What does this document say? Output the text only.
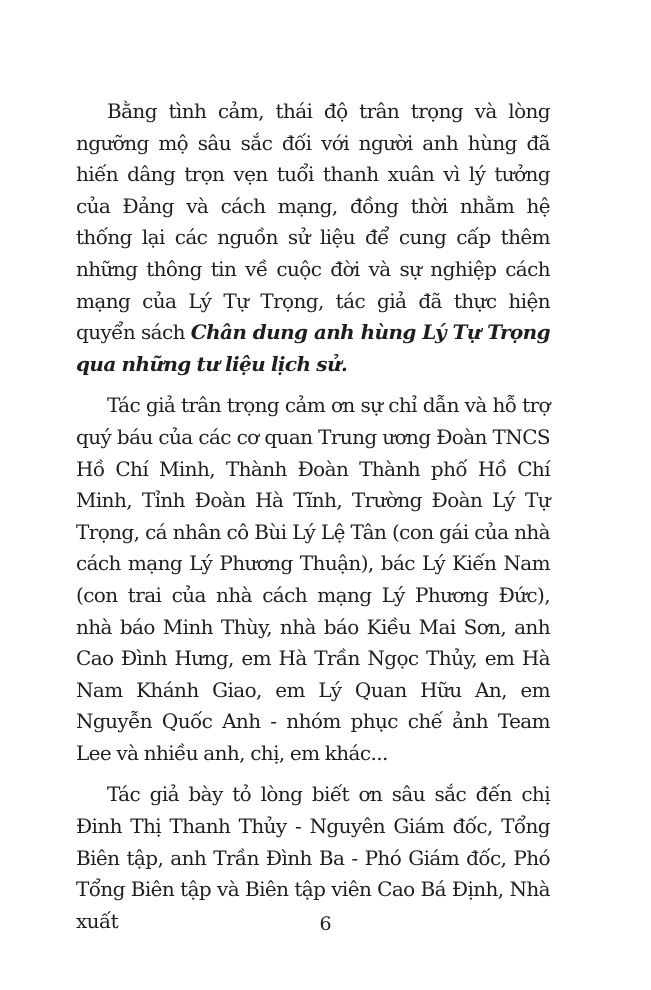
Bằng tình cảm, thái độ trân trọng và lòng ngưỡng mộ sâu sắc đối với người anh hùng đã hiến dâng trọn vẹn tuổi thanh xuân vì lý tưởng của Đảng và cách mạng, đồng thời nhằm hệ thống lại các nguồn sử liệu để cung cấp thêm những thông tin về cuộc đời và sự nghiệp cách mạng của Lý Tự Trọng, tác giả đã thực hiện quyển sách Chân dung anh hùng Lý Tự Trọng qua những tư liệu lịch sử.

Tác giả trân trọng cảm ơn sự chỉ dẫn và hỗ trợ quý báu của các cơ quan Trung ương Đoàn TNCS Hồ Chí Minh, Thành Đoàn Thành phố Hồ Chí Minh, Tỉnh Đoàn Hà Tĩnh, Trường Đoàn Lý Tự Trọng, cá nhân cô Bùi Lý Lệ Tân (con gái của nhà cách mạng Lý Phương Thuận), bác Lý Kiến Nam (con trai của nhà cách mạng Lý Phương Đức), nhà báo Minh Thùy, nhà báo Kiều Mai Sơn, anh Cao Đình Hưng, em Hà Trần Ngọc Thủy, em Hà Nam Khánh Giao, em Lý Quan Hữu An, em Nguyễn Quốc Anh - nhóm phục chế ảnh Team Lee và nhiều anh, chị, em khác...

Tác giả bày tỏ lòng biết ơn sâu sắc đến chị Đinh Thị Thanh Thủy - Nguyên Giám đốc, Tổng Biên tập, anh Trần Đình Ba - Phó Giám đốc, Phó Tổng Biên tập và Biên tập viên Cao Bá Định, Nhà xuất	6
